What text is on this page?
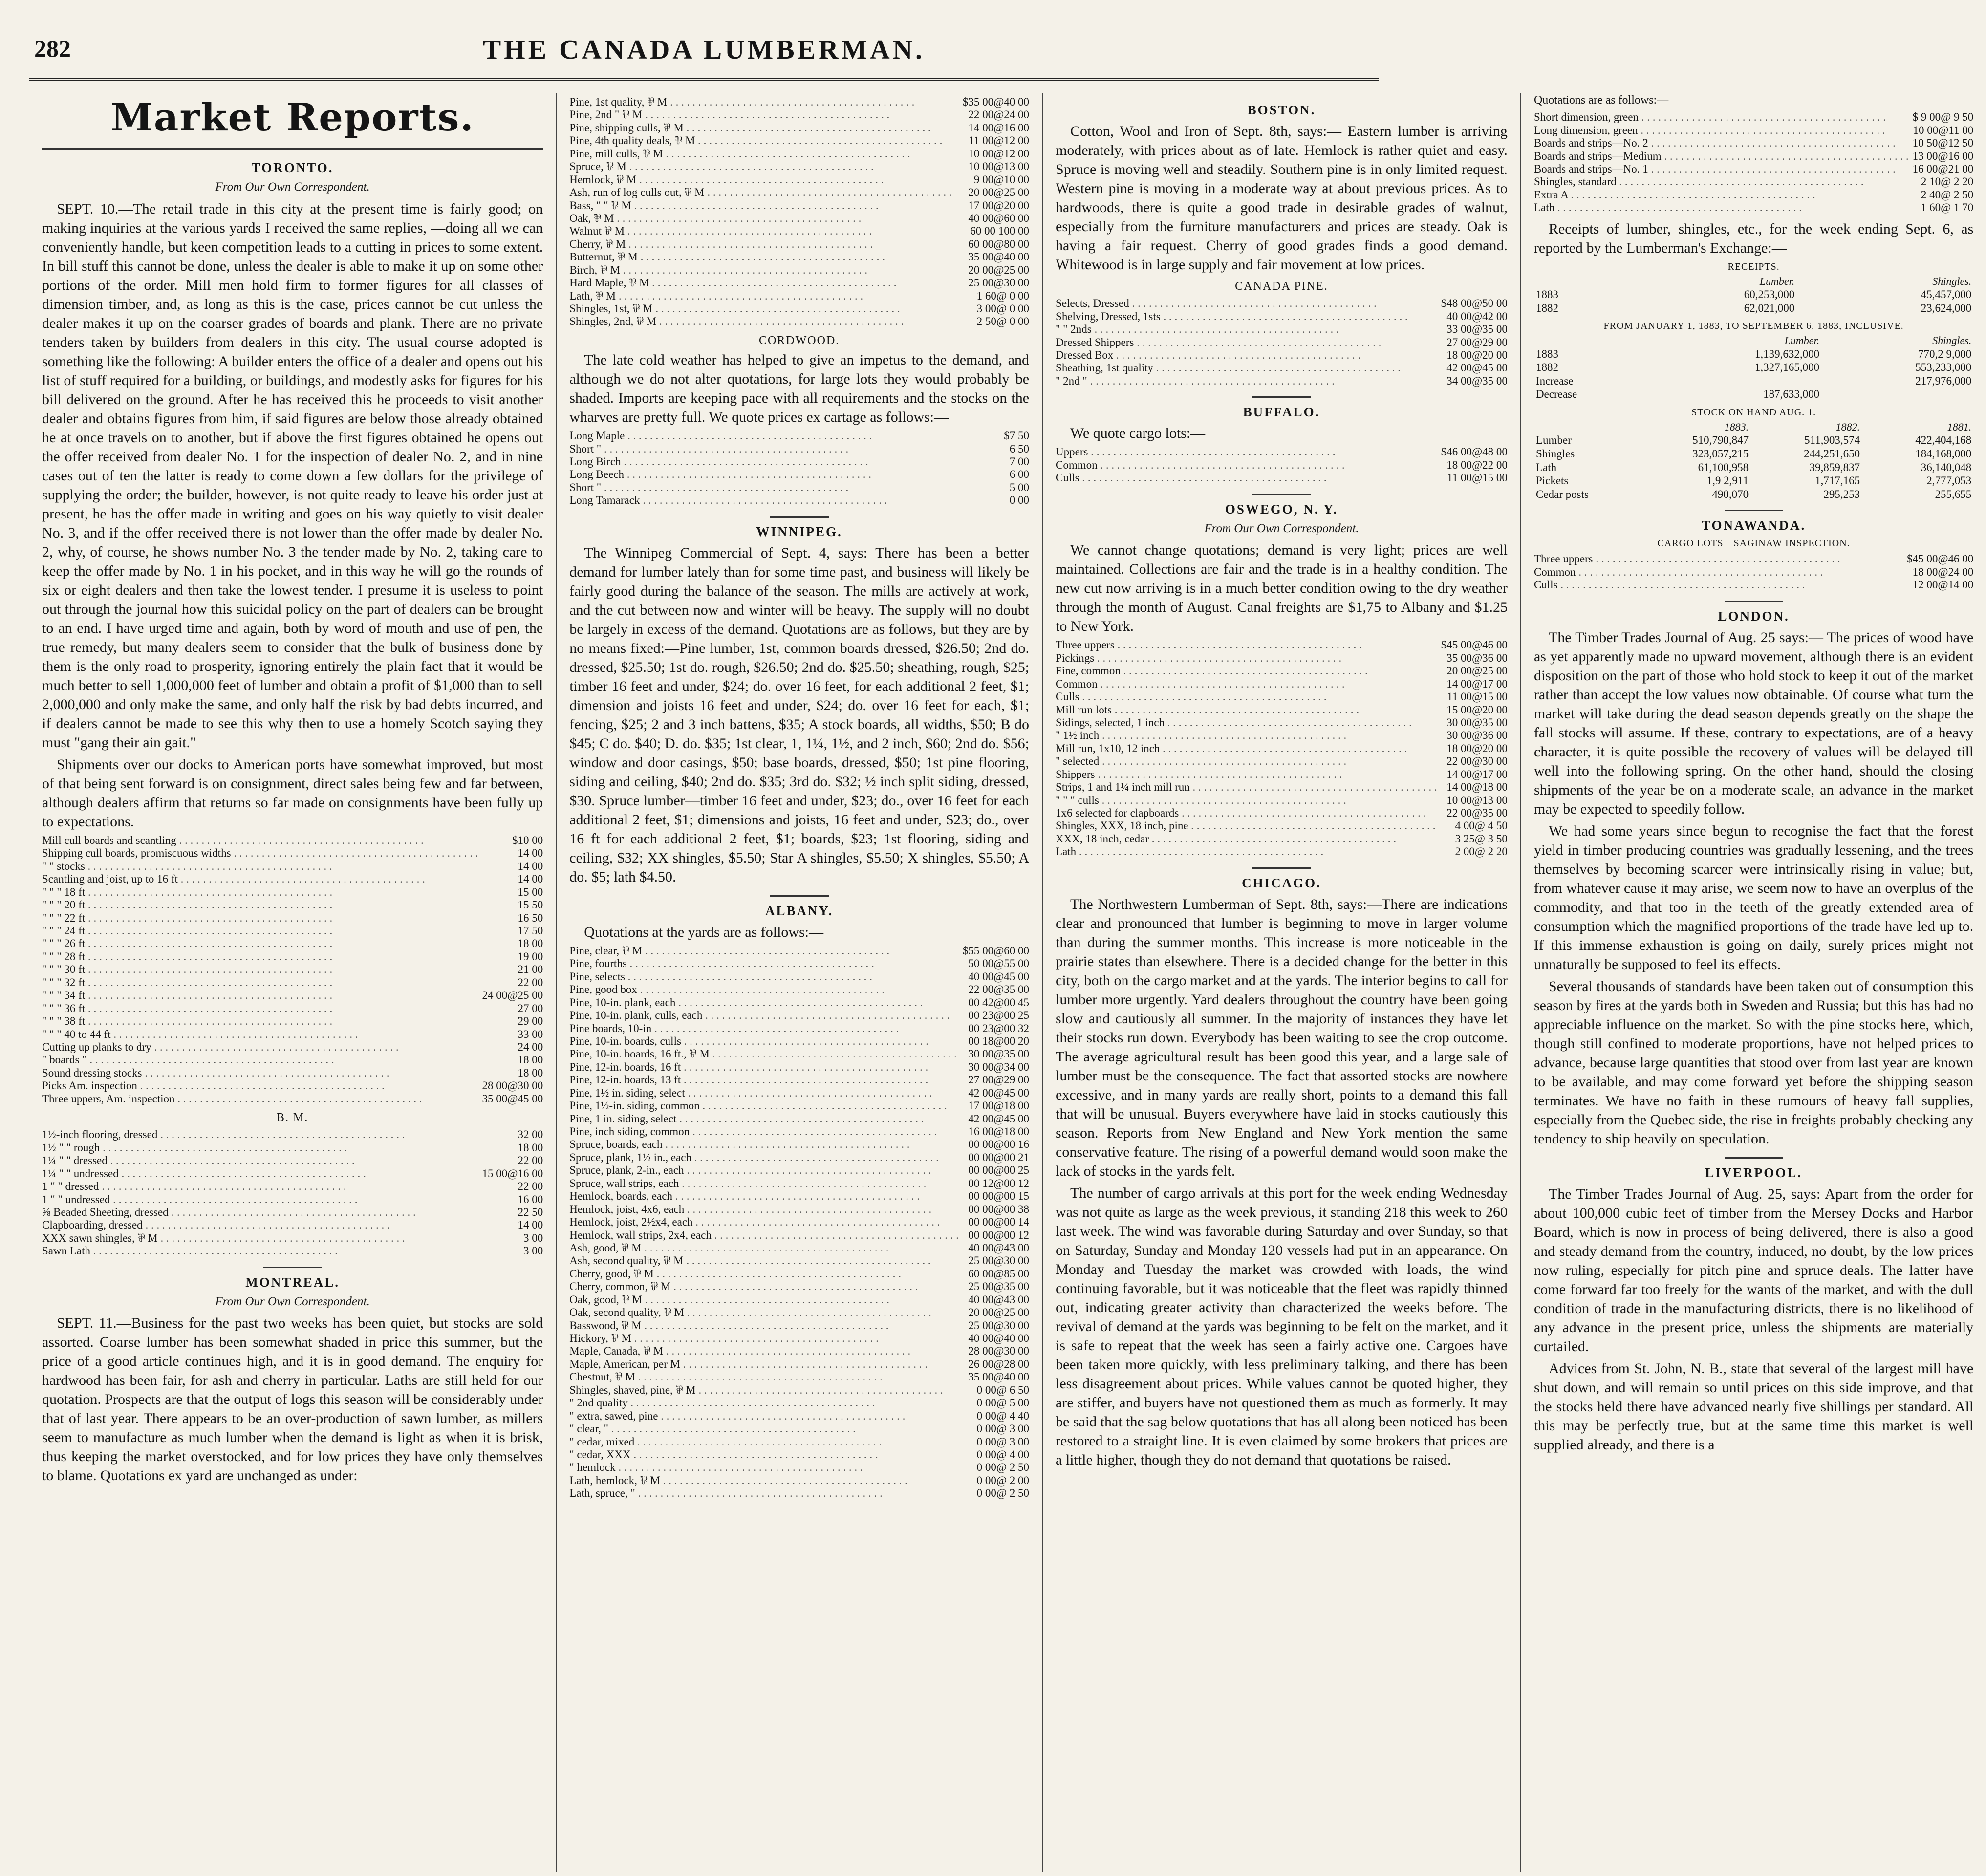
282	THE CANADA LUMBERMAN.
Market Reports.
TORONTO.
From Our Own Correspondent.

SEPT. 10.—The retail trade in this city at the present time is fairly good; on making inquiries at the various yards I received the same replies, —doing all we can conveniently handle, but keen competition leads to a cutting in prices to some extent. In bill stuff this cannot be done, unless the dealer is able to make it up on some other portions of the order. Mill men hold firm to former figures for all classes of dimension timber, and, as long as this is the case, prices cannot be cut unless the dealer makes it up on the coarser grades of boards and plank. There are no private tenders taken by builders from dealers in this city. The usual course adopted is something like the following: A builder enters the office of a dealer and opens out his list of stuff required for a building, or buildings, and modestly asks for figures for his bill delivered on the ground. After he has received this he proceeds to visit another dealer and obtains figures from him, if said figures are below those already obtained he at once travels on to another, but if above the first figures obtained he opens out the offer received from dealer No. 1 for the inspection of dealer No. 2, and in nine cases out of ten the latter is ready to come down a few dollars for the privilege of supplying the order; the builder, however, is not quite ready to leave his order just at present, he has the offer made in writing and goes on his way quietly to visit dealer No. 3, and if the offer received there is not lower than the offer made by dealer No. 2, why, of course, he shows number No. 3 the tender made by No. 2, taking care to keep the offer made by No. 1 in his pocket, and in this way he will go the rounds of six or eight dealers and then take the lowest tender. I presume it is useless to point out through the journal how this suicidal policy on the part of dealers can be brought to an end. I have urged time and again, both by word of mouth and use of pen, the true remedy, but many dealers seem to consider that the bulk of business done by them is the only road to prosperity, ignoring entirely the plain fact that it would be much better to sell 1,000,000 feet of lumber and obtain a profit of $1,000 than to sell 2,000,000 and only make the same, and only half the risk by bad debts incurred, and if dealers cannot be made to see this why then to use a homely Scotch saying they must "gang their ain gait."

Shipments over our docks to American ports have somewhat improved, but most of that being sent forward is on consignment, direct sales being few and far between, although dealers affirm that returns so far made on consignments have been fully up to expectations.

Mill cull boards and scantling . . .	$10 00
Shipping cull boards, promiscuous widths . . .	14 00
" " stocks . . .	14 00
Scantling and joist, up to 16 ft . . .	14 00
" " " 18 ft . . .	15 00
" " " 20 ft . . .	15 50
" " " 22 ft . . .	16 50
" " " 24 ft . . .	17 50
" " " 26 ft . . .	18 00
" " " 28 ft . . .	19 00
" " " 30 ft . . .	21 00
" " " 32 ft . . .	22 00
" " " 34 ft . . .	24 00@25 00
" " " 36 ft . . .	27 00
" " " 38 ft . . .	29 00
" " " 40 to 44 ft . . .	33 00
Cutting up planks to dry . . .	24 00
" boards " . . .	18 00
Sound dressing stocks . . .	18 00
Picks Am. inspection . . .	28 00@30 00
Three uppers, Am. inspection . . .	35 00@45 00
B. M.
1½-inch flooring, dressed . . .	32 00
1½ " " rough . . .	18 00
1¼ " " dressed . . .	22 00
1¼ " " undressed . . .	15 00@16 00
1 " " dressed . . .	22 00
1 " " undressed . . .	16 00
⅝ Beaded Sheeting, dressed . . .	22 50
Clapboarding, dressed . . .	14 00
XXX sawn shingles, ⅌ M . . .	3 00
Sawn Lath . . .	3 00
MONTREAL.
From Our Own Correspondent.

SEPT. 11.—Business for the past two weeks has been quiet, but stocks are sold assorted. Coarse lumber has been somewhat shaded in price this summer, but the price of a good article continues high, and it is in good demand. The enquiry for hardwood has been fair, for ash and cherry in particular. Laths are still held for our quotation. Prospects are that the output of logs this season will be considerably under that of last year. There appears to be an over-production of sawn lumber, as millers seem to manufacture as much lumber when the demand is light as when it is brisk, thus keeping the market overstocked, and for low prices they have only themselves to blame. Quotations ex yard are unchanged as under:

Pine, 1st quality, ⅌ M . . .	$35 00@40 00
Pine, 2nd " ⅌ M . . .	22 00@24 00
Pine, shipping culls, ⅌ M . . .	14 00@16 00
Pine, 4th quality deals, ⅌ M . . .	11 00@12 00
Pine, mill culls, ⅌ M . . .	10 00@12 00
Spruce, ⅌ M . . .	10 00@13 00
Hemlock, ⅌ M . . .	9 00@10 00
Ash, run of log culls out, ⅌ M . . .	20 00@25 00
Bass, " " ⅌ M . . .	17 00@20 00
Oak, ⅌ M . . .	40 00@60 00
Walnut ⅌ M . . .	60 00 100 00
Cherry, ⅌ M . . .	60 00@80 00
Butternut, ⅌ M . . .	35 00@40 00
Birch, ⅌ M . . .	20 00@25 00
Hard Maple, ⅌ M . . .	25 00@30 00
Lath, ⅌ M . . .	1 60@ 0 00
Shingles, 1st, ⅌ M . . .	3 00@ 0 00
Shingles, 2nd, ⅌ M . . .	2 50@ 0 00
CORDWOOD.

The late cold weather has helped to give an impetus to the demand, and although we do not alter quotations, for large lots they would probably be shaded. Imports are keeping pace with all requirements and the stocks on the wharves are pretty full. We quote prices ex cartage as follows:—

Long Maple . . .	$7 50
Short " . . .	6 50
Long Birch . . .	7 00
Long Beech . . .	6 00
Short " . . .	5 00
Long Tamarack . . .	0 00
WINNIPEG.

The Winnipeg Commercial of Sept. 4, says: There has been a better demand for lumber lately than for some time past, and business will likely be fairly good during the balance of the season. The mills are actively at work, and the cut between now and winter will be heavy. The supply will no doubt be largely in excess of the demand. Quotations are as follows, but they are by no means fixed:—Pine lumber, 1st, common boards dressed, $26.50; 2nd do. dressed, $25.50; 1st do. rough, $26.50; 2nd do. $25.50; sheathing, rough, $25; timber 16 feet and under, $24; do. over 16 feet, for each additional 2 feet, $1; dimension and joists 16 feet and under, $24; do. over 16 feet for each, $1; fencing, $25; 2 and 3 inch battens, $35; A stock boards, all widths, $50; B do $45; C do. $40; D. do. $35; 1st clear, 1, 1¼, 1½, and 2 inch, $60; 2nd do. $56; window and door casings, $50; base boards, dressed, $50; 1st pine flooring, siding and ceiling, $40; 2nd do. $35; 3rd do. $32; ½ inch split siding, dressed, $30. Spruce lumber—timber 16 feet and under, $23; do., over 16 feet for each additional 2 feet, $1; dimensions and joists, 16 feet and under, $23; do., over 16 ft for each additional 2 feet, $1; boards, $23; 1st flooring, siding and ceiling, $32; XX shingles, $5.50; Star A shingles, $5.50; X shingles, $5.50; A do. $5; lath $4.50.

ALBANY.

Quotations at the yards are as follows:—

Pine, clear, ⅌ M . . .	$55 00@60 00
Pine, fourths . . .	50 00@55 00
Pine, selects . . .	40 00@45 00
Pine, good box . . .	22 00@35 00
Pine, 10-in. plank, each . . .	00 42@00 45
Pine, 10-in. plank, culls, each . . .	00 23@00 25
Pine boards, 10-in . . .	00 23@00 32
Pine, 10-in. boards, culls . . .	00 18@00 20
Pine, 10-in. boards, 16 ft., ⅌ M . . .	30 00@35 00
Pine, 12-in. boards, 16 ft . . .	30 00@34 00
Pine, 12-in. boards, 13 ft . . .	27 00@29 00
Pine, 1½ in. siding, select . . .	42 00@45 00
Pine, 1½-in. siding, common . . .	17 00@18 00
Pine, 1 in. siding, select . . .	42 00@45 00
Pine, inch siding, common . . .	16 00@18 00
Spruce, boards, each . . .	00 00@00 16
Spruce, plank, 1½ in., each . . .	00 00@00 21
Spruce, plank, 2-in., each . . .	00 00@00 25
Spruce, wall strips, each . . .	00 12@00 12
Hemlock, boards, each . . .	00 00@00 15
Hemlock, joist, 4x6, each . . .	00 00@00 38
Hemlock, joist, 2½x4, each . . .	00 00@00 14
Hemlock, wall strips, 2x4, each . . .	00 00@00 12
Ash, good, ⅌ M . . .	40 00@43 00
Ash, second quality, ⅌ M . . .	25 00@30 00
Cherry, good, ⅌ M . . .	60 00@85 00
Cherry, common, ⅌ M . . .	25 00@35 00
Oak, good, ⅌ M . . .	40 00@43 00
Oak, second quality, ⅌ M . . .	20 00@25 00
Basswood, ⅌ M . . .	25 00@30 00
Hickory, ⅌ M . . .	40 00@40 00
Maple, Canada, ⅌ M . . .	28 00@30 00
Maple, American, per M . . .	26 00@28 00
Chestnut, ⅌ M . . .	35 00@40 00
Shingles, shaved, pine, ⅌ M . . .	0 00@ 6 50
" 2nd quality . . .	0 00@ 5 00
" extra, sawed, pine . . .	0 00@ 4 40
" clear, " . . .	0 00@ 3 00
" cedar, mixed . . .	0 00@ 3 00
" cedar, XXX . . .	0 00@ 4 00
" hemlock . . .	0 00@ 2 50
Lath, hemlock, ⅌ M . . .	0 00@ 2 00
Lath, spruce, " . . .	0 00@ 2 50
BOSTON.

Cotton, Wool and Iron of Sept. 8th, says:— Eastern lumber is arriving moderately, with prices about as of late. Hemlock is rather quiet and easy. Spruce is moving well and steadily. Southern pine is in only limited request. Western pine is moving in a moderate way at about previous prices. As to hardwoods, there is quite a good trade in desirable grades of walnut, especially from the furniture manufacturers and prices are steady. Oak is having a fair request. Cherry of good grades finds a good demand. Whitewood is in large supply and fair movement at low prices.

CANADA PINE.
Selects, Dressed . . .	$48 00@50 00
Shelving, Dressed, 1sts . . .	40 00@42 00
" " 2nds . . .	33 00@35 00
Dressed Shippers . . .	27 00@29 00
Dressed Box . . .	18 00@20 00
Sheathing, 1st quality . . .	42 00@45 00
" 2nd " . . .	34 00@35 00
BUFFALO.

We quote cargo lots:—

Uppers . . .	$46 00@48 00
Common . . .	18 00@22 00
Culls . . .	11 00@15 00
OSWEGO, N. Y.
From Our Own Correspondent.

We cannot change quotations; demand is very light; prices are well maintained. Collections are fair and the trade is in a healthy condition. The new cut now arriving is in a much better condition owing to the dry weather through the month of August. Canal freights are $1,75 to Albany and $1.25 to New York.

Three uppers . . .	$45 00@46 00
Pickings . . .	35 00@36 00
Fine, common . . .	20 00@25 00
Common . . .	14 00@17 00
Culls . . .	11 00@15 00
Mill run lots . . .	15 00@20 00
Sidings, selected, 1 inch . . .	30 00@35 00
" 1½ inch . . .	30 00@36 00
Mill run, 1x10, 12 inch . . .	18 00@20 00
" selected . . .	22 00@30 00
Shippers . . .	14 00@17 00
Strips, 1 and 1¼ inch mill run . . .	14 00@18 00
" " " culls . . .	10 00@13 00
1x6 selected for clapboards . . .	22 00@35 00
Shingles, XXX, 18 inch, pine . . .	4 00@ 4 50
XXX, 18 inch, cedar . . .	3 25@ 3 50
Lath . . .	2 00@ 2 20
CHICAGO.

The Northwestern Lumberman of Sept. 8th, says:—There are indications clear and pronounced that lumber is beginning to move in larger volume than during the summer months. This increase is more noticeable in the prairie states than elsewhere. There is a decided change for the better in this city, both on the cargo market and at the yards. The interior begins to call for lumber more urgently. Yard dealers throughout the country have been going slow and cautiously all summer. In the majority of instances they have let their stocks run down. Everybody has been waiting to see the crop outcome. The average agricultural result has been good this year, and a large sale of lumber must be the consequence. The fact that assorted stocks are nowhere excessive, and in many yards are really short, points to a demand this fall that will be unusual. Buyers everywhere have laid in stocks cautiously this season. Reports from New England and New York mention the same conservative feature. The rising of a powerful demand would soon make the lack of stocks in the yards felt.

The number of cargo arrivals at this port for the week ending Wednesday was not quite as large as the week previous, it standing 218 this week to 260 last week. The wind was favorable during Saturday and over Sunday, so that on Saturday, Sunday and Monday 120 vessels had put in an appearance. On Monday and Tuesday the market was crowded with loads, the wind continuing favorable, but it was noticeable that the fleet was rapidly thinned out, indicating greater activity than characterized the weeks before. The revival of demand at the yards was beginning to be felt on the market, and it is safe to repeat that the week has seen a fairly active one. Cargoes have been taken more quickly, with less preliminary talking, and there has been less disagreement about prices. While values cannot be quoted higher, they are stiffer, and buyers have not questioned them as much as formerly. It may be said that the sag below quotations that has all along been noticed has been restored to a straight line. It is even claimed by some brokers that prices are a little higher, though they do not demand that quotations be raised.

Quotations are as follows:—
Short dimension, green . . .	$ 9 00@ 9 50
Long dimension, green . . .	10 00@11 00
Boards and strips—No. 2 . . .	10 50@12 50
Boards and strips—Medium . . .	13 00@16 00
Boards and strips—No. 1 . . .	16 00@21 00
Shingles, standard . . .	2 10@ 2 20
Extra A . . .	2 40@ 2 50
Lath . . .	1 60@ 1 70

Receipts of lumber, shingles, etc., for the week ending Sept. 6, as reported by the Lumberman's Exchange:—

RECEIPTS.
	Lumber.	Shingles.
1883	60,253,000	45,457,000
1882	62,021,000	23,624,000
FROM JANUARY 1, 1883, TO SEPTEMBER 6, 1883, INCLUSIVE.
	Lumber.	Shingles.
1883	1,139,632,000	770,2 9,000
1882	1,327,165,000	553,233,000
Increase		217,976,000
Decrease	187,633,000	
STOCK ON HAND AUG. 1.
	1883.	1882.	1881.
Lumber	510,790,847	511,903,574	422,404,168
Shingles	323,057,215	244,251,650	184,168,000
Lath	61,100,958	39,859,837	36,140,048
Pickets	1,9 2,911	1,717,165	2,777,053
Cedar posts	490,070	295,253	255,655
TONAWANDA.
CARGO LOTS—SAGINAW INSPECTION.
Three uppers . . .	$45 00@46 00
Common . . .	18 00@24 00
Culls . . .	12 00@14 00
LONDON.

The Timber Trades Journal of Aug. 25 says:— The prices of wood have as yet apparently made no upward movement, although there is an evident disposition on the part of those who hold stock to keep it out of the market rather than accept the low values now obtainable. Of course what turn the market will take during the dead season depends greatly on the shape the fall stocks will assume. If these, contrary to expectations, are of a heavy character, it is quite possible the recovery of values will be delayed till well into the following spring. On the other hand, should the closing shipments of the year be on a moderate scale, an advance in the market may be expected to speedily follow.

We had some years since begun to recognise the fact that the forest yield in timber producing countries was gradually lessening, and the trees themselves by becoming scarcer were intrinsically rising in value; but, from whatever cause it may arise, we seem now to have an overplus of the commodity, and that too in the teeth of the greatly extended area of consumption which the magnified proportions of the trade have led up to. If this immense exhaustion is going on daily, surely prices might not unnaturally be supposed to feel its effects.

Several thousands of standards have been taken out of consumption this season by fires at the yards both in Sweden and Russia; but this has had no appreciable influence on the market. So with the pine stocks here, which, though still confined to moderate proportions, have not helped prices to advance, because large quantities that stood over from last year are known to be available, and may come forward yet before the shipping season terminates. We have no faith in these rumours of heavy fall supplies, especially from the Quebec side, the rise in freights probably checking any tendency to ship heavily on speculation.

LIVERPOOL.

The Timber Trades Journal of Aug. 25, says: Apart from the order for about 100,000 cubic feet of timber from the Mersey Docks and Harbor Board, which is now in process of being delivered, there is also a good and steady demand from the country, induced, no doubt, by the low prices now ruling, especially for pitch pine and spruce deals. The latter have come forward far too freely for the wants of the market, and with the dull condition of trade in the manufacturing districts, there is no likelihood of any advance in the present price, unless the shipments are materially curtailed.

Advices from St. John, N. B., state that several of the largest mill have shut down, and will remain so until prices on this side improve, and that the stocks held there have advanced nearly five shillings per standard. All this may be perfectly true, but at the same time this market is well supplied already, and there is a
